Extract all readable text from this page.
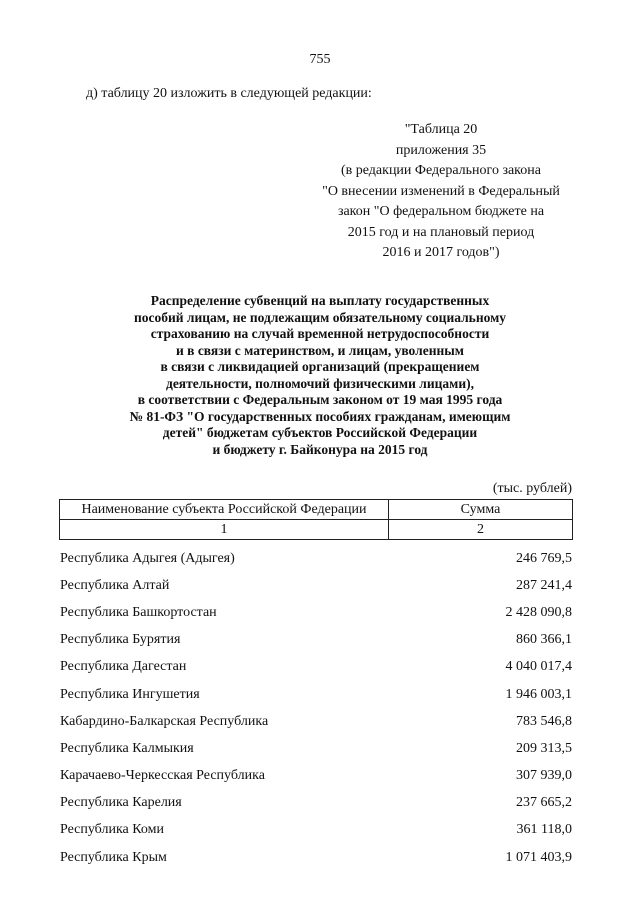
755
д) таблицу 20 изложить в следующей редакции:
"Таблица 20
приложения 35
(в редакции Федерального закона
"О внесении изменений в Федеральный
закон "О федеральном бюджете на
2015 год и на плановый период
2016 и 2017 годов")
Распределение субвенций на выплату государственных
пособий лицам, не подлежащим обязательному социальному
страхованию на случай временной нетрудоспособности
и в связи с материнством, и лицам, уволенным
в связи с ликвидацией организаций (прекращением
деятельности, полномочий физическими лицами),
в соответствии с Федеральным законом от 19 мая 1995 года
№ 81-ФЗ "О государственных пособиях гражданам, имеющим
детей" бюджетам субъектов Российской Федерации
и бюджету г. Байконура на 2015 год
(тыс. рублей)
Наименование субъекта Российской Федерации	Сумма
1	2
Республика Адыгея (Адыгея)	246 769,5
Республика Алтай	287 241,4
Республика Башкортостан	2 428 090,8
Республика Бурятия	860 366,1
Республика Дагестан	4 040 017,4
Республика Ингушетия	1 946 003,1
Кабардино-Балкарская Республика	783 546,8
Республика Калмыкия	209 313,5
Карачаево-Черкесская Республика	307 939,0
Республика Карелия	237 665,2
Республика Коми	361 118,0
Республика Крым	1 071 403,9
